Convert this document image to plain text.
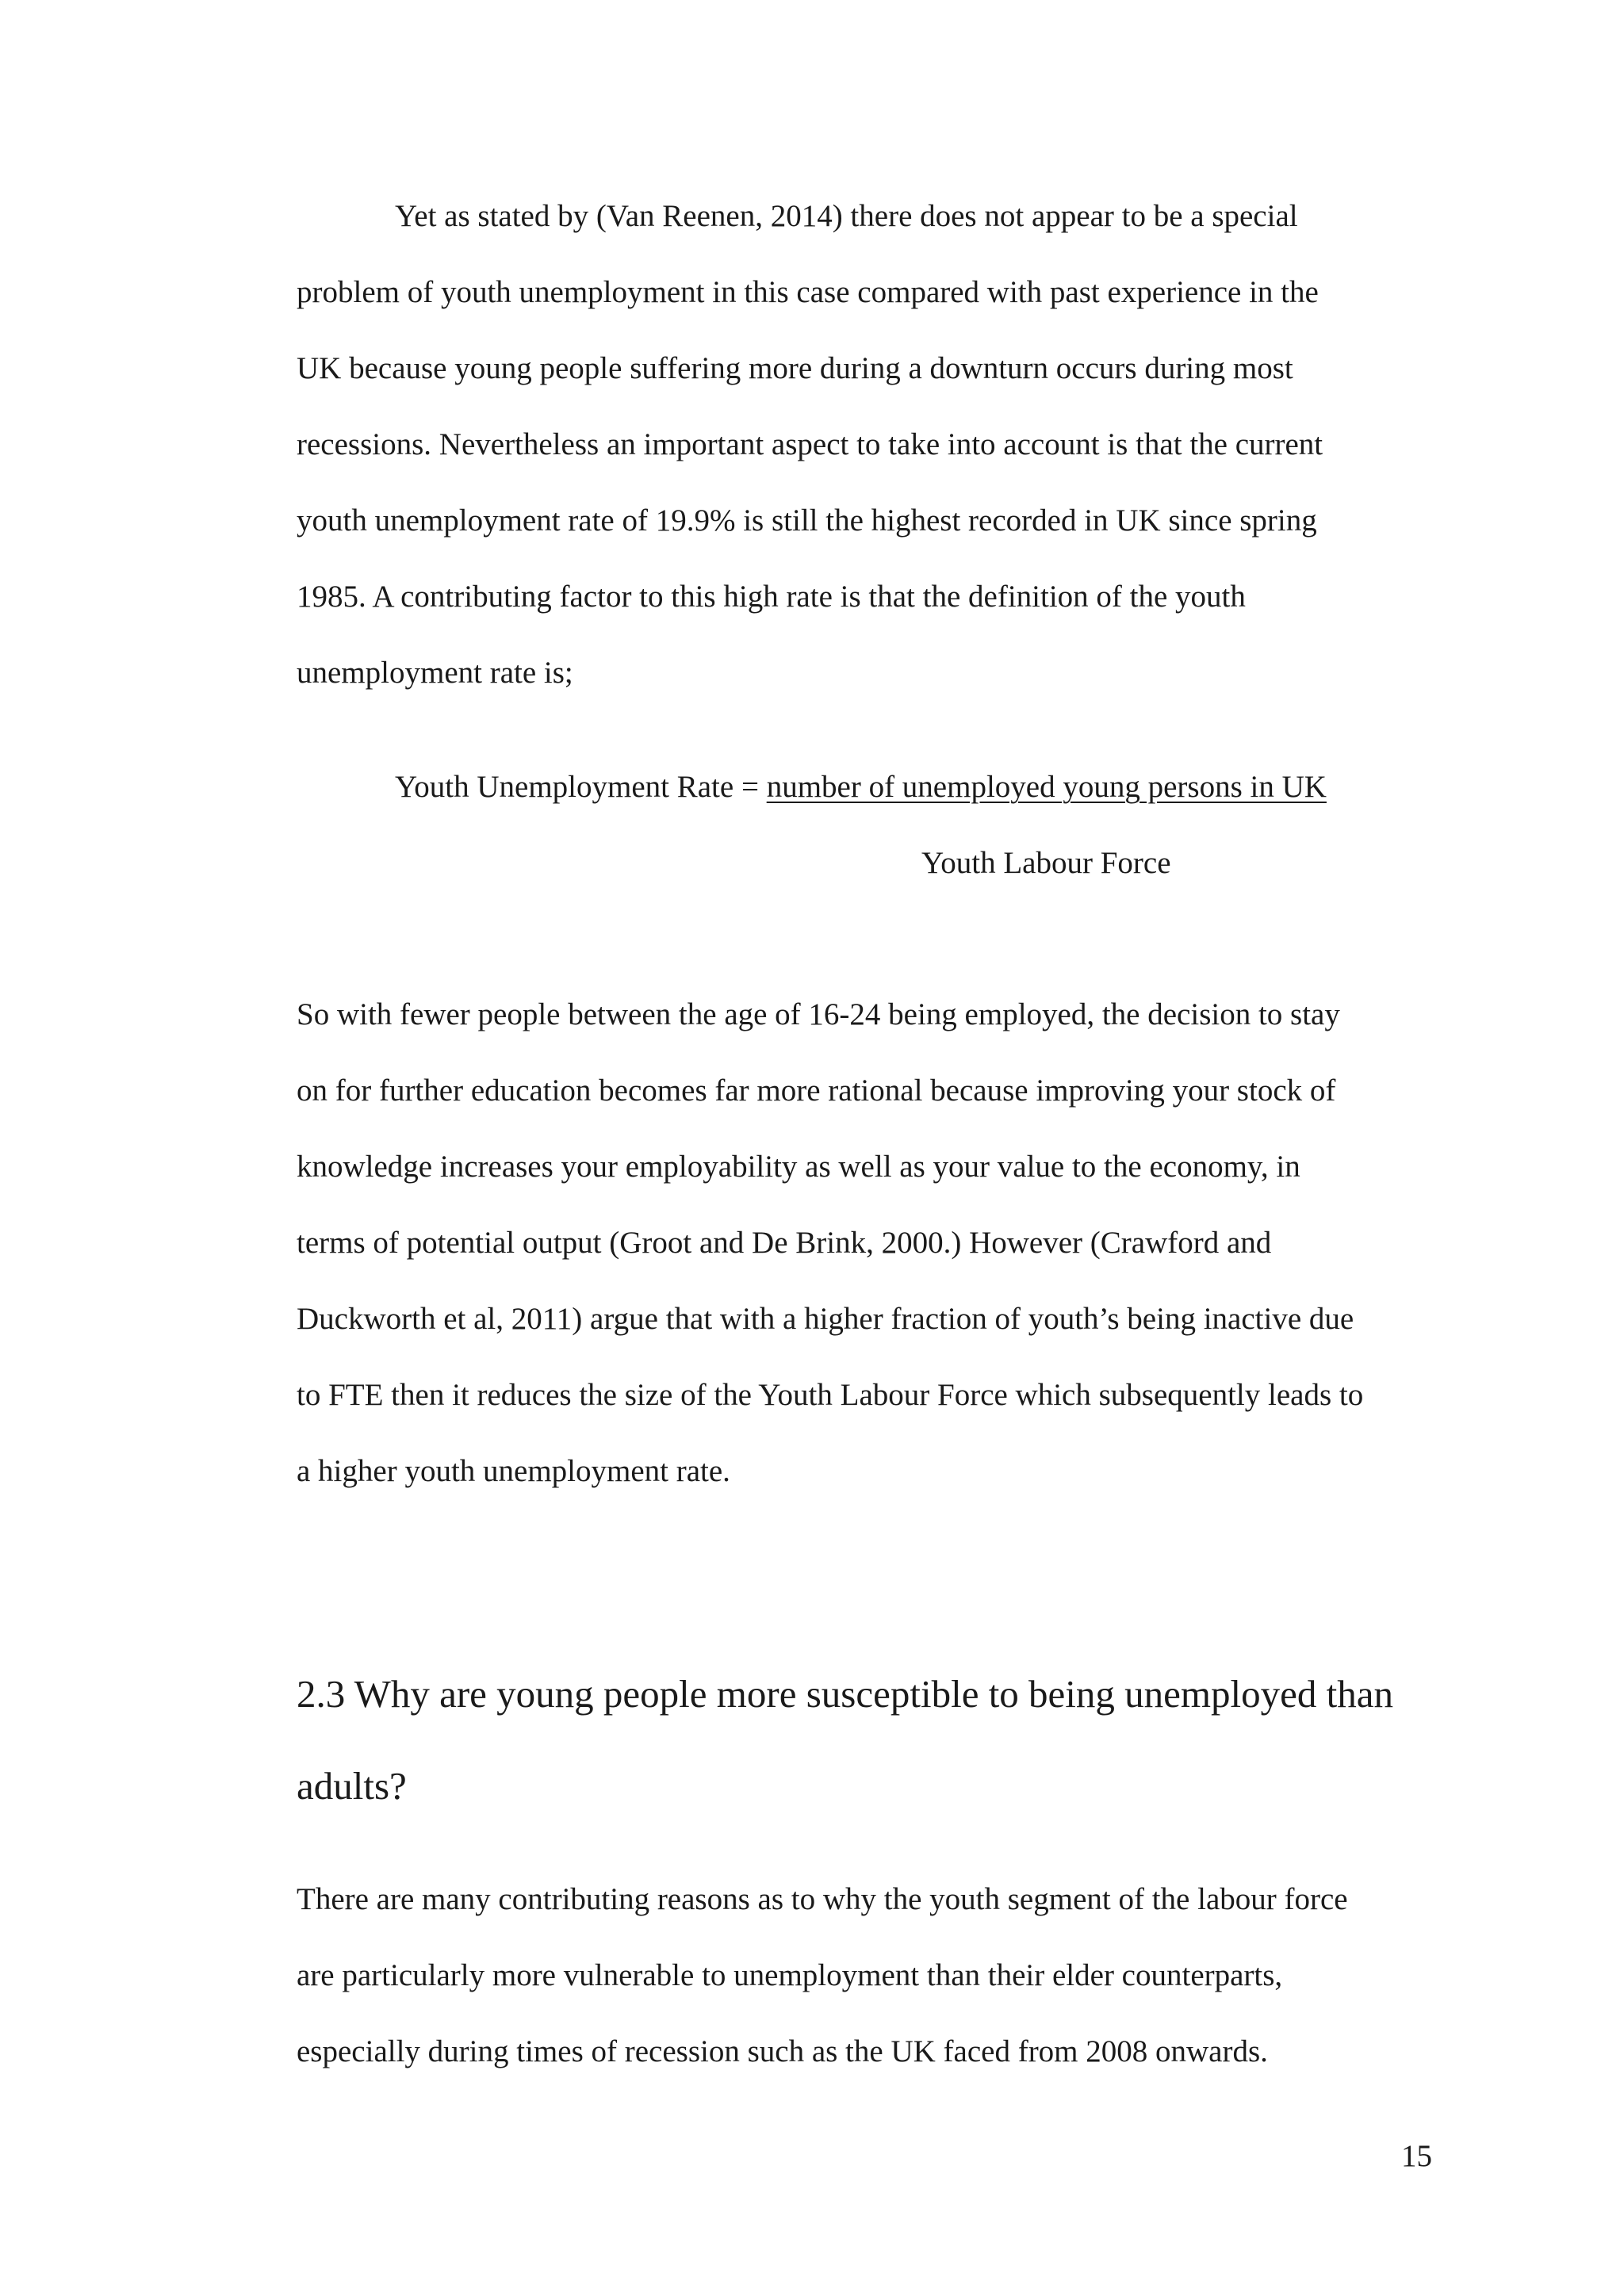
Yet as stated by (Van Reenen, 2014) there does not appear to be a special
problem of youth unemployment in this case compared with past experience in the
UK because young people suffering more during a downturn occurs during most
recessions. Nevertheless an important aspect to take into account is that the current
youth unemployment rate of 19.9% is still the highest recorded in UK since spring
1985. A contributing factor to this high rate is that the definition of the youth
unemployment rate is;
Youth Unemployment Rate = number of unemployed young persons in UK
Youth Labour Force
So with fewer people between the age of 16-24 being employed, the decision to stay
on for further education becomes far more rational because improving your stock of
knowledge increases your employability as well as your value to the economy, in
terms of potential output (Groot and De Brink, 2000.) However (Crawford and
Duckworth et al, 2011) argue that with a higher fraction of youth’s being inactive due
to FTE then it reduces the size of the Youth Labour Force which subsequently leads to
a higher youth unemployment rate.
2.3 Why are young people more susceptible to being unemployed than
adults?
There are many contributing reasons as to why the youth segment of the labour force
are particularly more vulnerable to unemployment than their elder counterparts,
especially during times of recession such as the UK faced from 2008 onwards.
15
